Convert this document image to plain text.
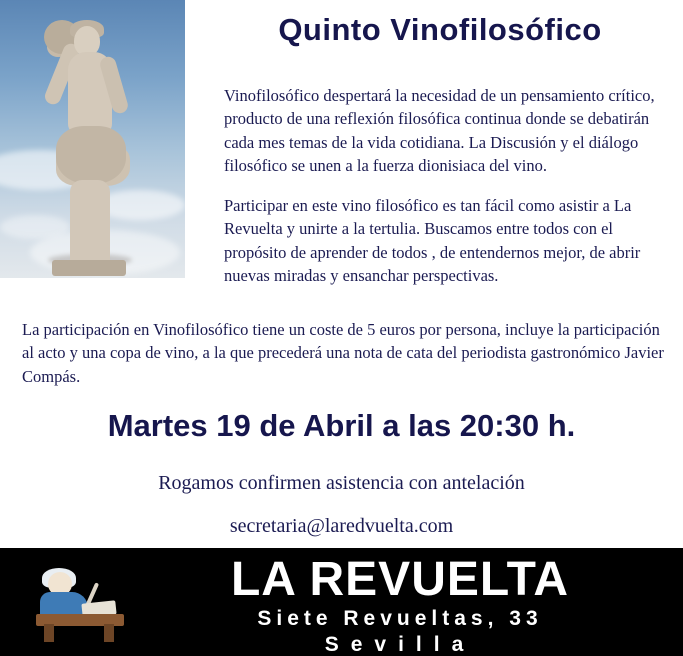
Quinto Vinofilosófico

Vinofilosófico despertará la necesidad de un pensamiento crítico, producto de una reflexión filosófica continua donde se debatirán cada mes temas de la vida cotidiana. La Discusión y el diálogo filosófico se unen a la fuerza dionisiaca del vino.

Participar en este vino filosófico es tan fácil como asistir a La Revuelta y unirte a la tertulia. Buscamos entre todos con el propósito de aprender de todos , de entendernos mejor, de abrir nuevas miradas y ensanchar perspectivas.

La participación en Vinofilosófico tiene un coste de 5 euros por persona, incluye la participación al acto y una copa de vino, a la que precederá una nota de cata del periodista gastronómico Javier Compás.
Martes 19 de Abril a las 20:30 h.
Rogamos confirmen asistencia con antelación
secretaria@laredvuelta.com
LA REVUELTA
Siete Revueltas, 33
Sevilla
